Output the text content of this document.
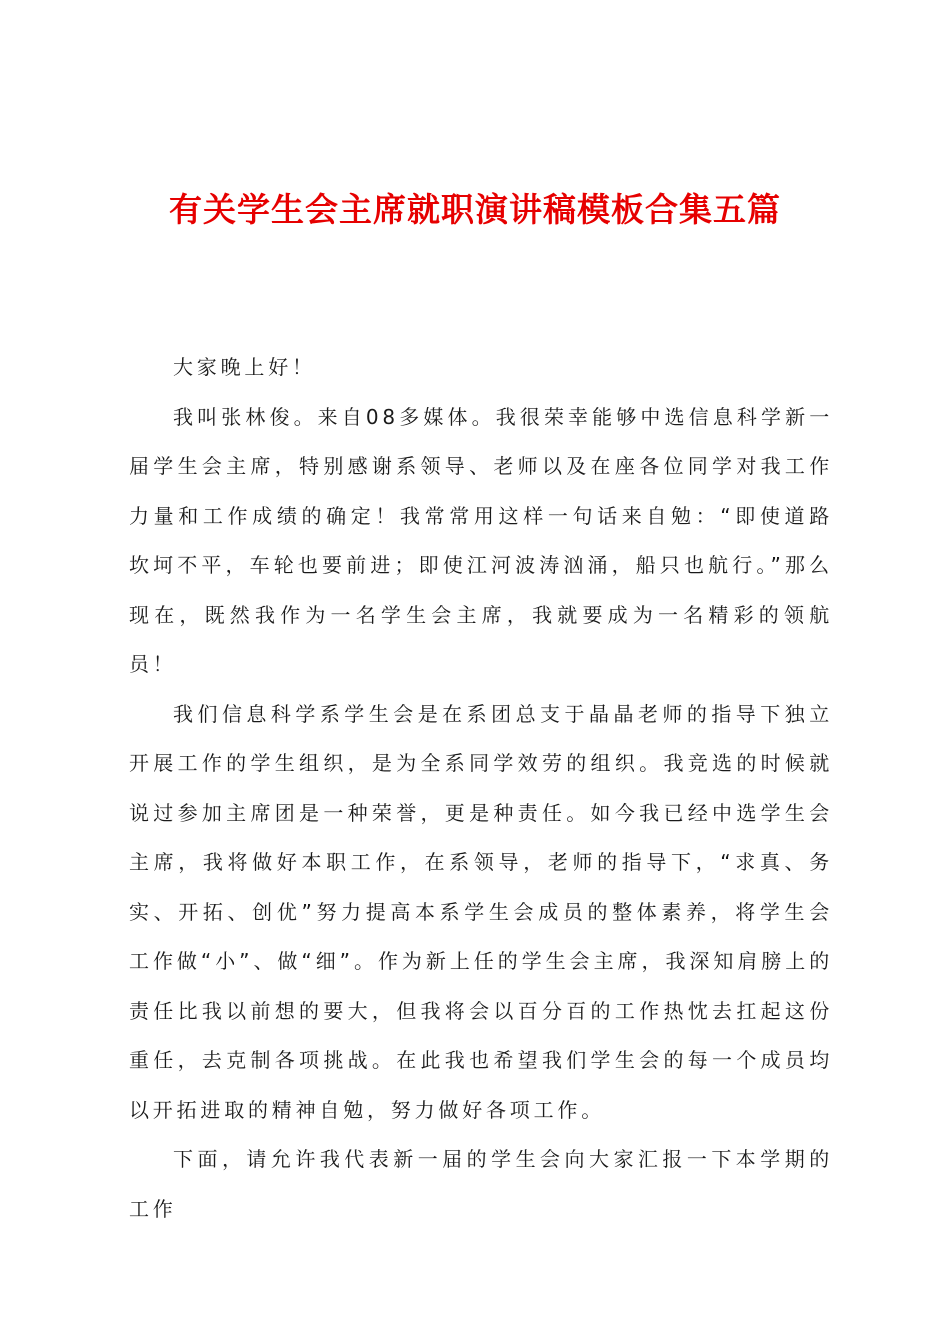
有关学生会主席就职演讲稿模板合集五篇

大家晚上好！

我叫张林俊。来自08多媒体。我很荣幸能够中选信息科学新一届学生会主席，特别感谢系领导、老师以及在座各位同学对我工作力量和工作成绩的确定！我常常用这样一句话来自勉：“即使道路坎坷不平，车轮也要前进；即使江河波涛汹涌，船只也航行。”那么现在，既然我作为一名学生会主席，我就要成为一名精彩的领航员！

我们信息科学系学生会是在系团总支于晶晶老师的指导下独立开展工作的学生组织，是为全系同学效劳的组织。我竞选的时候就说过参加主席团是一种荣誉，更是种责任。如今我已经中选学生会主席，我将做好本职工作，在系领导，老师的指导下，“求真、务实、开拓、创优”努力提高本系学生会成员的整体素养，将学生会工作做“小”、做“细”。作为新上任的学生会主席，我深知肩膀上的责任比我以前想的要大，但我将会以百分百的工作热忱去扛起这份重任，去克制各项挑战。在此我也希望我们学生会的每一个成员均以开拓进取的精神自勉，努力做好各项工作。

下面，请允许我代表新一届的学生会向大家汇报一下本学期的工作
